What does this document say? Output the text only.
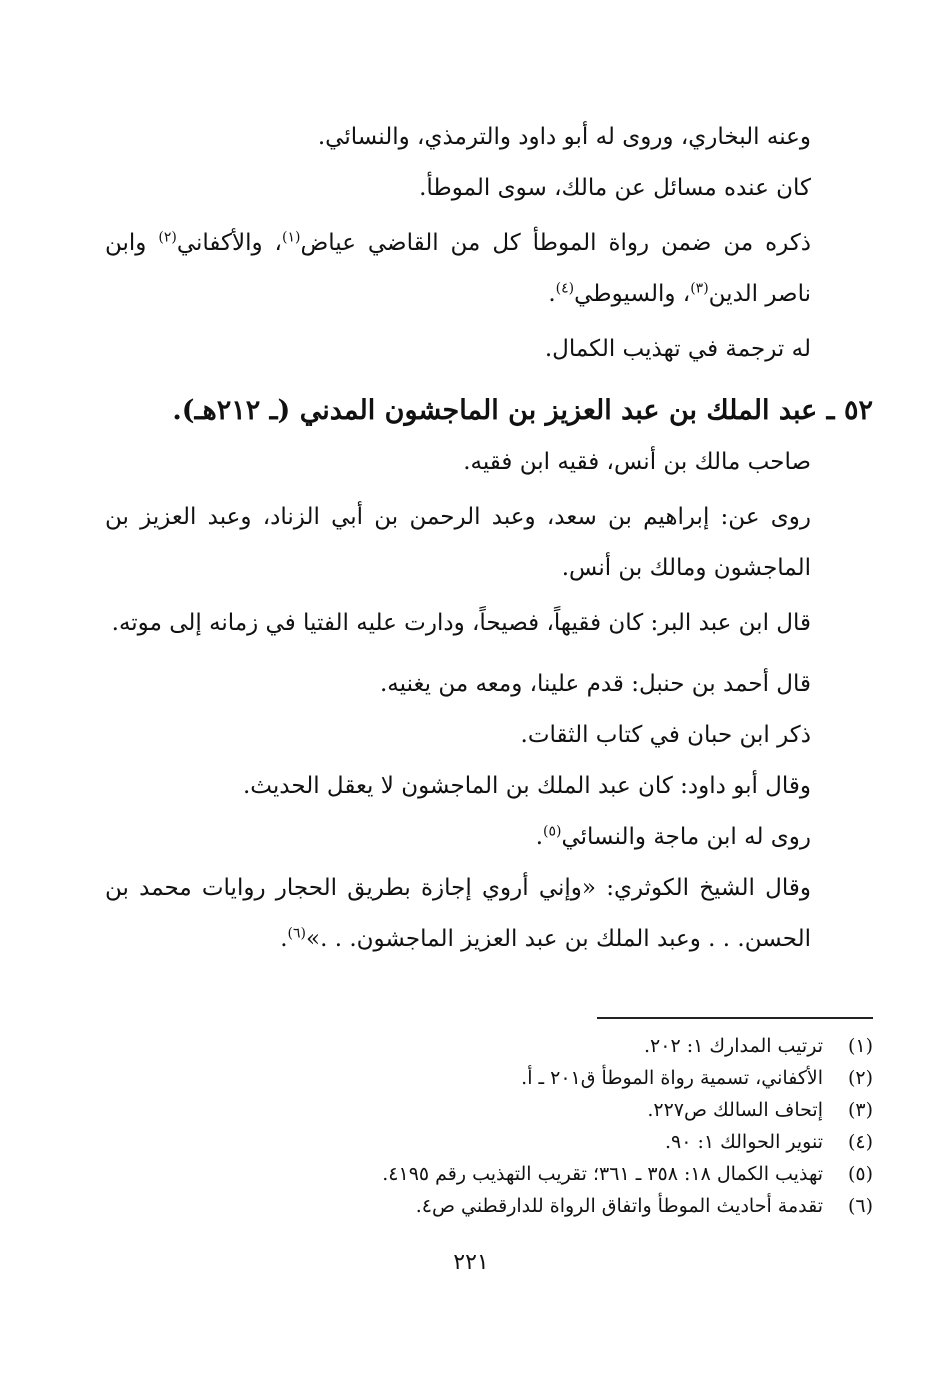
وعنه البخاري، وروى له أبو داود والترمذي، والنسائي.

كان عنده مسائل عن مالك، سوى الموطأ.

ذكره من ضمن رواة الموطأ كل من القاضي عياض$^{(١)}$، والأكفاني$^{(٢)}$ وابن ناصر الدين$^{(٣)}$، والسيوطي$^{(٤)}$.

له ترجمة في تهذيب الكمال.

٥٢ ـ عبد الملك بن عبد العزيز بن الماجشون المدني (ـ ٢١٢هـ).

صاحب مالك بن أنس، فقيه ابن فقيه.

روى عن: إبراهيم بن سعد، وعبد الرحمن بن أبي الزناد، وعبد العزيز بن الماجشون ومالك بن أنس.

قال ابن عبد البر: كان فقيهاً، فصيحاً، ودارت عليه الفتيا في زمانه إلى موته.

قال أحمد بن حنبل: قدم علينا، ومعه من يغنيه.

ذكر ابن حبان في كتاب الثقات.

وقال أبو داود: كان عبد الملك بن الماجشون لا يعقل الحديث.

روى له ابن ماجة والنسائي$^{(٥)}$.

وقال الشيخ الكوثري: «وإني أروي إجازة بطريق الحجار روايات محمد بن الحسن. . . وعبد الملك بن عبد العزيز الماجشون. . .»$^{(٦)}$.

(١)
ترتيب المدارك ١: ٢٠٢.
(٢)
الأكفاني، تسمية رواة الموطأ ق٢٠١ ـ أ.
(٣)
إتحاف السالك ص٢٢٧.
(٤)
تنوير الحوالك ١: ٩٠.
(٥)
تهذيب الكمال ١٨: ٣٥٨ ـ ٣٦١؛ تقريب التهذيب رقم ٤١٩٥.
(٦)
تقدمة أحاديث الموطأ واتفاق الرواة للدارقطني ص٤.
٢٢١
